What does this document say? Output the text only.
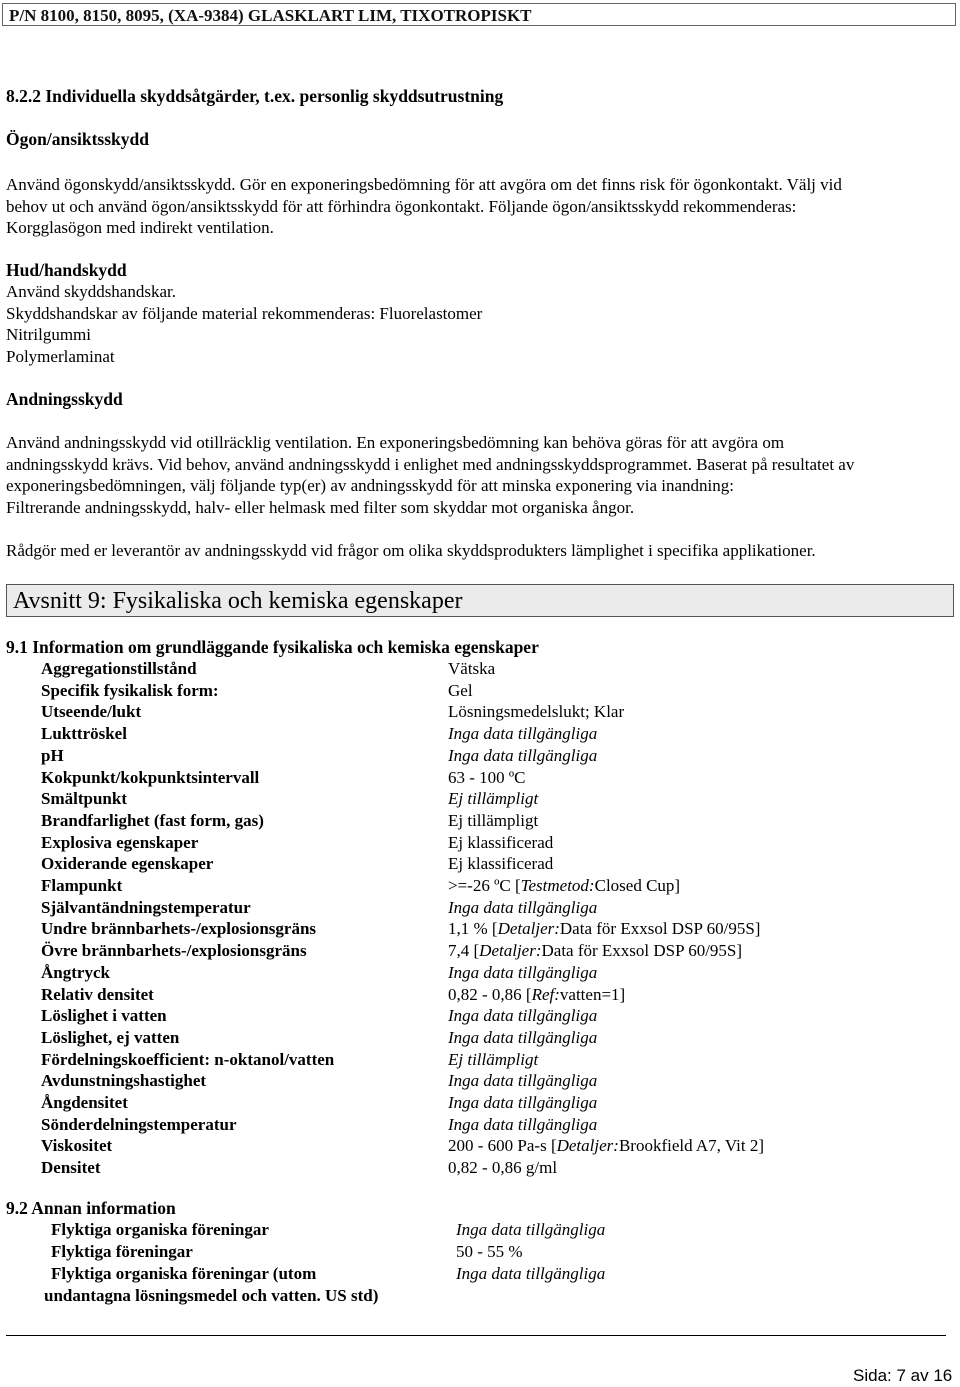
P/N 8100, 8150, 8095, (XA-9384) GLASKLART LIM, TIXOTROPISKT
8.2.2 Individuella skyddsåtgärder, t.ex. personlig skyddsutrustning
Ögon/ansiktsskydd
Använd ögonskydd/ansiktsskydd. Gör en exponeringsbedömning för att avgöra om det finns risk för ögonkontakt. Välj vid
behov ut och använd ögon/ansiktsskydd för att förhindra ögonkontakt. Följande ögon/ansiktsskydd rekommenderas:
Korgglasögon med indirekt ventilation.
Hud/handskydd
Använd skyddshandskar.
Skyddshandskar av följande material rekommenderas: Fluorelastomer
Nitrilgummi
Polymerlaminat
Andningsskydd
Använd andningsskydd vid otillräcklig ventilation. En exponeringsbedömning kan behöva göras för att avgöra om
andningsskydd krävs. Vid behov, använd andningsskydd i enlighet med andningsskyddsprogrammet. Baserat på resultatet av
exponeringsbedömningen, välj följande typ(er) av andningsskydd för att minska exponering via inandning:
Filtrerande andningsskydd, halv- eller helmask med filter som skyddar mot organiska ångor.
Rådgör med er leverantör av andningsskydd vid frågor om olika skyddsprodukters lämplighet i specifika applikationer.
Avsnitt 9: Fysikaliska och kemiska egenskaper
9.1 Information om grundläggande fysikaliska och kemiska egenskaper
Aggregationstillstånd	Vätska
Specifik fysikalisk form:	Gel
Utseende/lukt	Lösningsmedelslukt; Klar
Lukttröskel	Inga data tillgängliga
pH	Inga data tillgängliga
Kokpunkt/kokpunktsintervall	63 - 100 ºC
Smältpunkt	Ej tillämpligt
Brandfarlighet (fast form, gas)	Ej tillämpligt
Explosiva egenskaper	Ej klassificerad
Oxiderande egenskaper	Ej klassificerad
Flampunkt	>=-26 ºC [Testmetod:Closed Cup]
Självantändningstemperatur	Inga data tillgängliga
Undre brännbarhets-/explosionsgräns	1,1 % [Detaljer:Data för Exxsol DSP 60/95S]
Övre brännbarhets-/explosionsgräns	7,4 [Detaljer:Data för Exxsol DSP 60/95S]
Ångtryck	Inga data tillgängliga
Relativ densitet	0,82 - 0,86 [Ref:vatten=1]
Löslighet i vatten	Inga data tillgängliga
Löslighet, ej vatten	Inga data tillgängliga
Fördelningskoefficient: n-oktanol/vatten	Ej tillämpligt
Avdunstningshastighet	Inga data tillgängliga
Ångdensitet	Inga data tillgängliga
Sönderdelningstemperatur	Inga data tillgängliga
Viskositet	200 - 600 Pa-s [Detaljer:Brookfield A7, Vit 2]
Densitet	0,82 - 0,86 g/ml
9.2 Annan information
Flyktiga organiska föreningar	Inga data tillgängliga
Flyktiga föreningar	50 - 55 %
Flyktiga organiska föreningar (utom
undantagna lösningsmedel och vatten. US std)
Inga data tillgängliga
Sida: 7 av 16
